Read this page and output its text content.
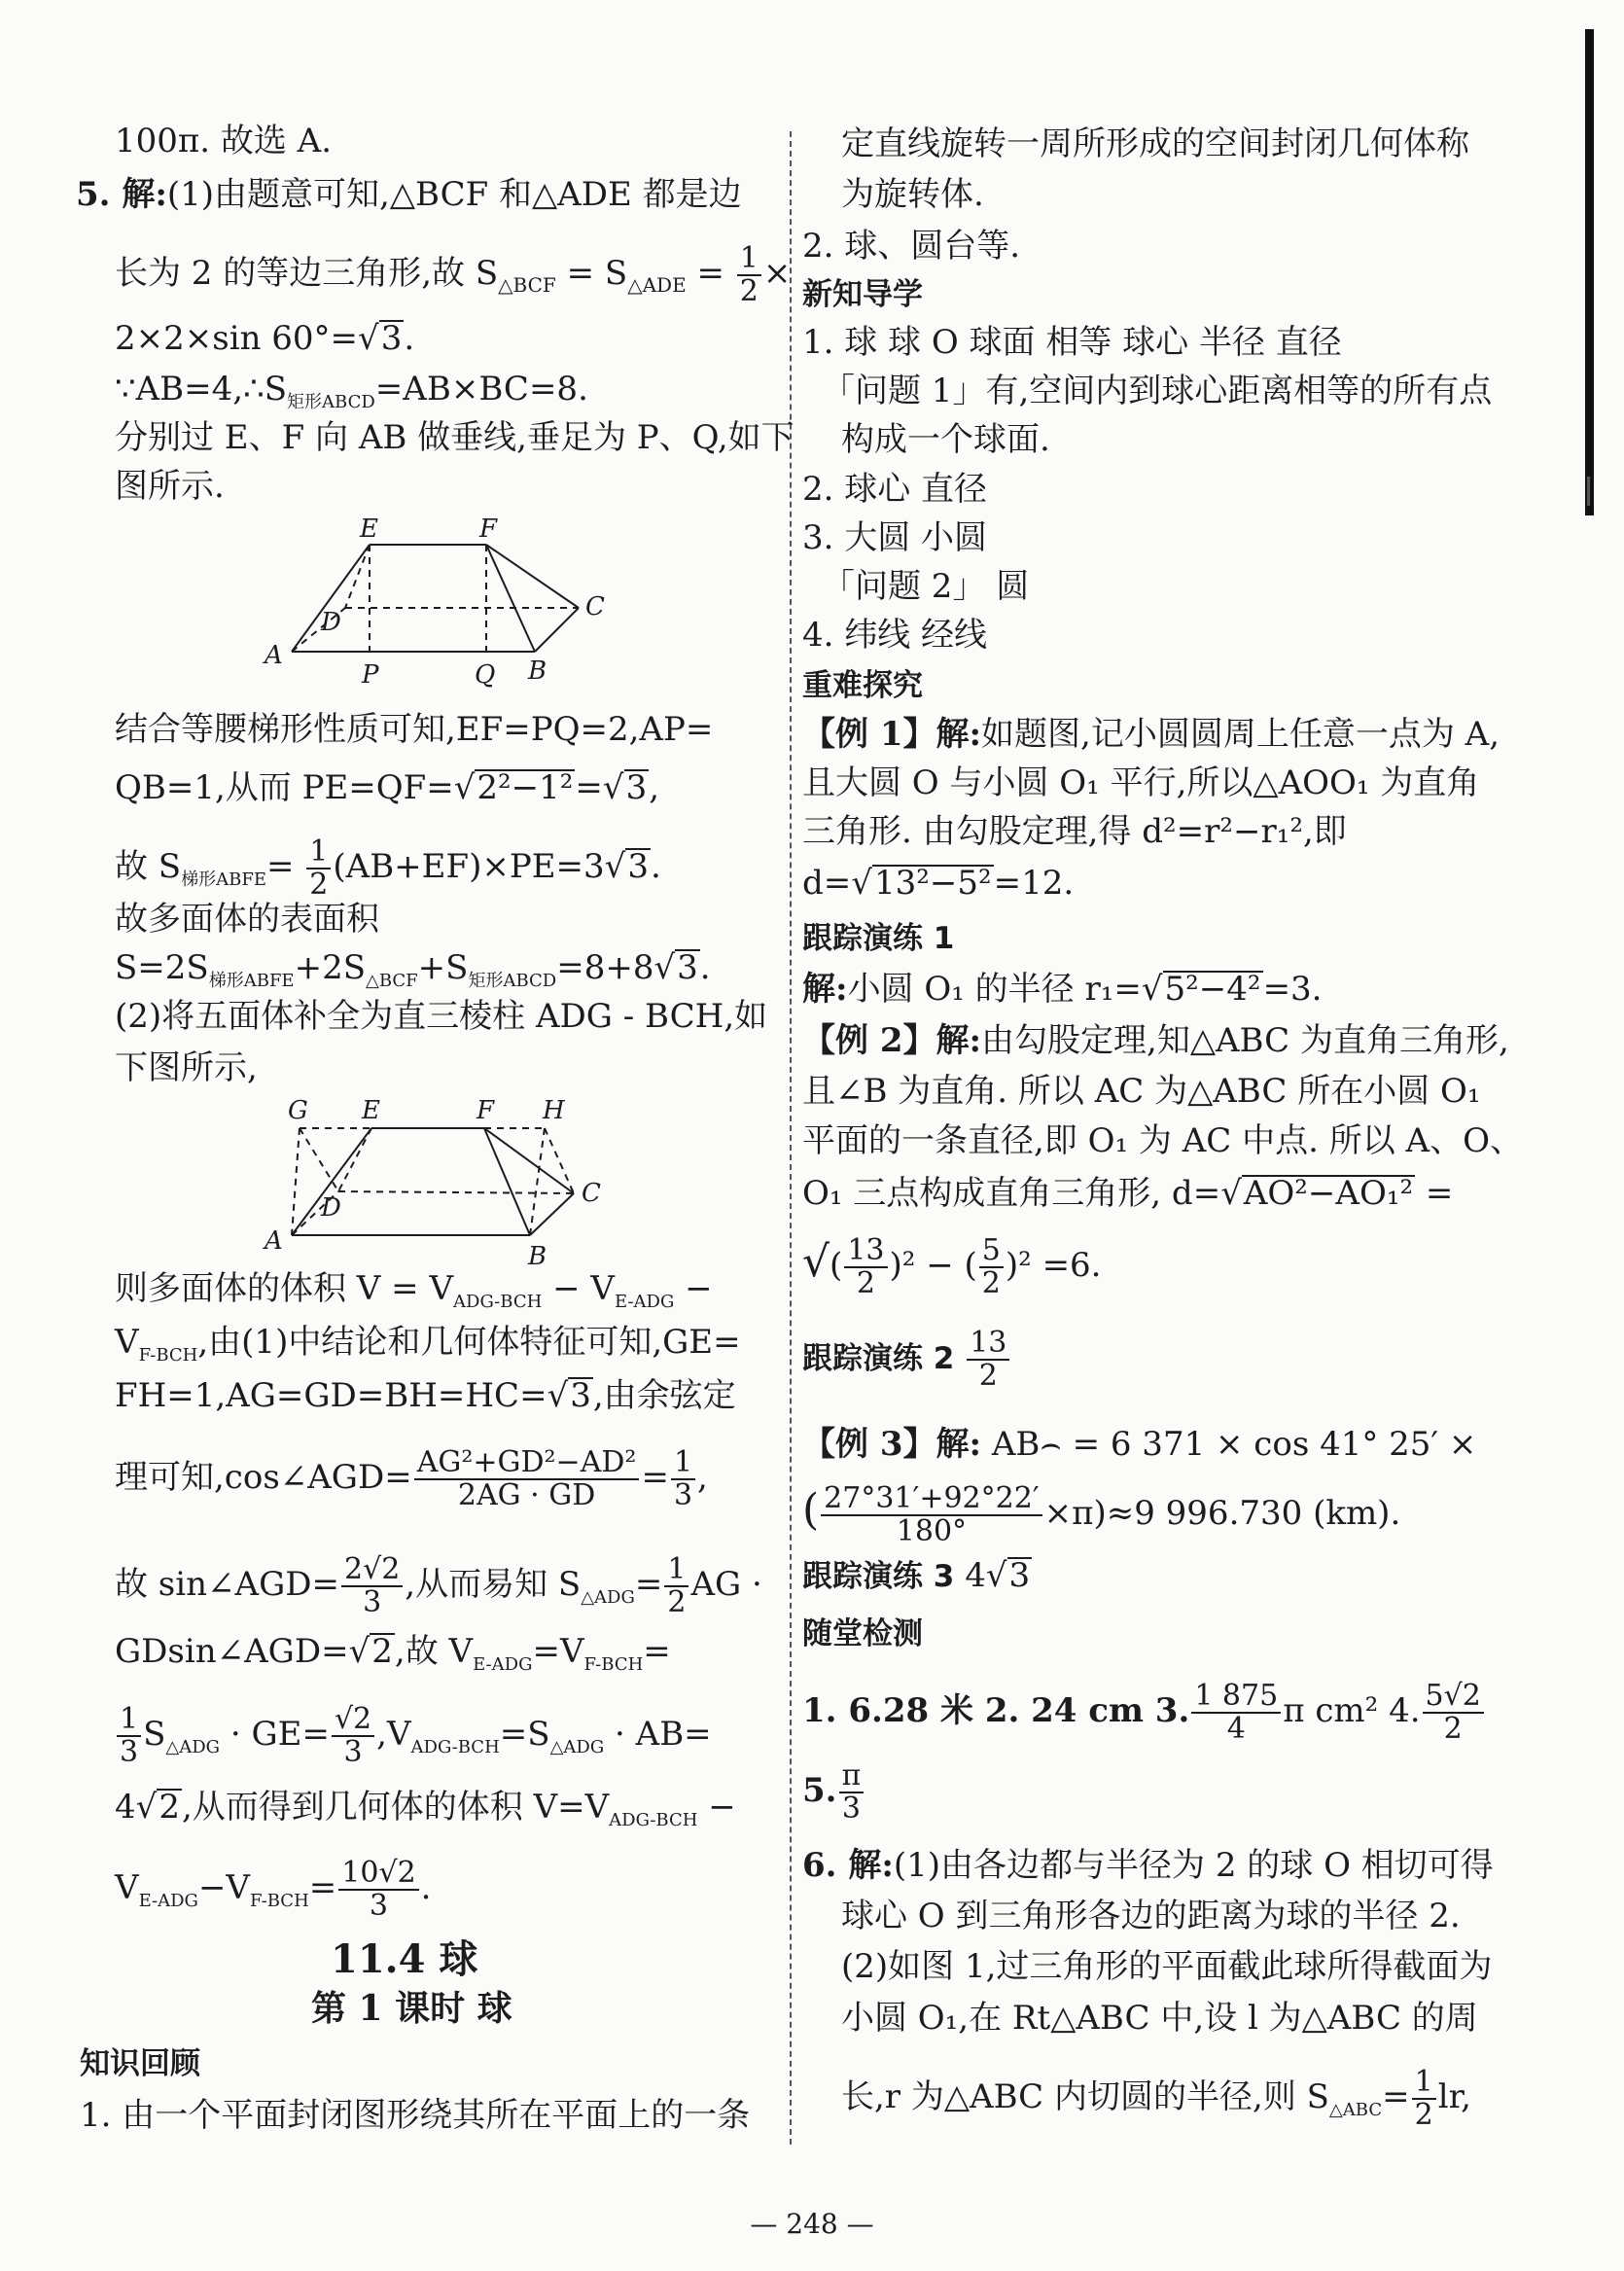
100π. 故选 A.
5. 解:(1)由题意可知,△BCF 和△ADE 都是边
长为 2 的等边三角形,故 $S_{\triangle BCF} = S_{\triangle ADE} = \frac{1}{2}$ ×
2×2×sin 60°=√3.
$\because AB=4,\therefore S_{矩形ABCD}=AB\times BC=8$.
分别过 E、F 向 AB 做垂线,垂足为 P、Q,如下
图所示.
E	F
D
C
A
P	Q B
结合等腰梯形性质可知,EF=PQ=2,AP=
QB=1,从而 PE=QF=√2²−1²=√3,
故 $S_{梯形ABFE}= \frac{1}{2} (AB+EF)\times PE=3√3$.
故多面体的表面积
$S=2S_{梯形ABFE}+2S_{\triangle BCF}+S_{矩形ABCD}=8+8√3$.
(2)将五面体补全为直三棱柱 ADG - BCH,如
下图所示,
G E	F H
D	C
A
B
则多面体的体积 $V = V_{ADG-BCH} - V_{E-ADG}$ −
$V_{F-BCH}$,由(1)中结论和几何体特征可知,GE=
FH=1,AG=GD=BH=HC=√3,由余弦定
理可知,cos∠AGD= $\frac{\text{AG²+GD²−AD²}}{2AG \cdot GD} = \frac{1}{3}$ ,
故 sin∠AGD= $\frac{2√2}{3}$ ,从而易知 $S_{\triangle ADG}= \frac{1}{2}$ AG ·
GDsin∠AGD=√2,故 $V_{E-ADG}=V_{F-BCH}=$
$\frac{1}{3} S_{\triangle ADG} \cdot GE= \frac{√2}{3} ,V_{ADG-BCH}=S_{\triangle ADG} \cdot AB=$
4√2,从而得到几何体的体积 $V=V_{ADG-BCH}$ −
$V_{E-ADG}-V_{F-BCH}= \frac{10√2}{3}$ .
11.4 球
第 1 课时 球
知识回顾
1. 由一个平面封闭图形绕其所在平面上的一条
定直线旋转一周所形成的空间封闭几何体称
为旋转体.
2. 球、圆台等.
新知导学
1. 球 球 O 球面 相等 球心 半径 直径
「问题 1」有,空间内到球心距离相等的所有点
构成一个球面.
2. 球心 直径
3. 大圆 小圆
「问题 2」 圆
4. 纬线 经线
重难探究
【例 1】解:如题图,记小圆圆周上任意一点为 A,
且大圆 O 与小圆 O₁ 平行,所以△AOO₁ 为直角
三角形. 由勾股定理,得 d²=r²−r₁²,即
d=√13²−5²=12.
跟踪演练 1
解:小圆 O₁ 的半径 r₁=√5²−4²=3.
【例 2】解:由勾股定理,知△ABC 为直角三角形,
且∠B 为直角. 所以 AC 为△ABC 所在小圆 O₁
平面的一条直径,即 O₁ 为 AC 中点. 所以 A、O、
O₁ 三点构成直角三角形, d=√AO²−AO₁² =
√( $\frac{13}{2} )^2$ − ( $\frac{5}{2} )^2 =6$.
跟踪演练 $2 \frac{13}{2}$
【例 3】解: AB⌢ = 6 371 × cos 41° 25′ ×
( $\frac{27^\circ 31'+92^\circ 22'}{180^\circ} \times\pi)\approx 9$ 996.730 (km).
跟踪演练 3 4√3
随堂检测
1. 6.28 米 2. 24 cm 3. $\frac{1 875}{4}$ π cm² 4. $\frac{5√2}{2}$
5. $\frac{\pi}{3}$
6. 解:(1)由各边都与半径为 2 的球 O 相切可得
球心 O 到三角形各边的距离为球的半径 2.
(2)如图 1,过三角形的平面截此球所得截面为
小圆 O₁,在 Rt△ABC 中,设 l 为△ABC 的周
长,r 为△ABC 内切圆的半径,则 $S_{\triangle ABC}= \frac{1}{2}$ lr,
— 248 —
